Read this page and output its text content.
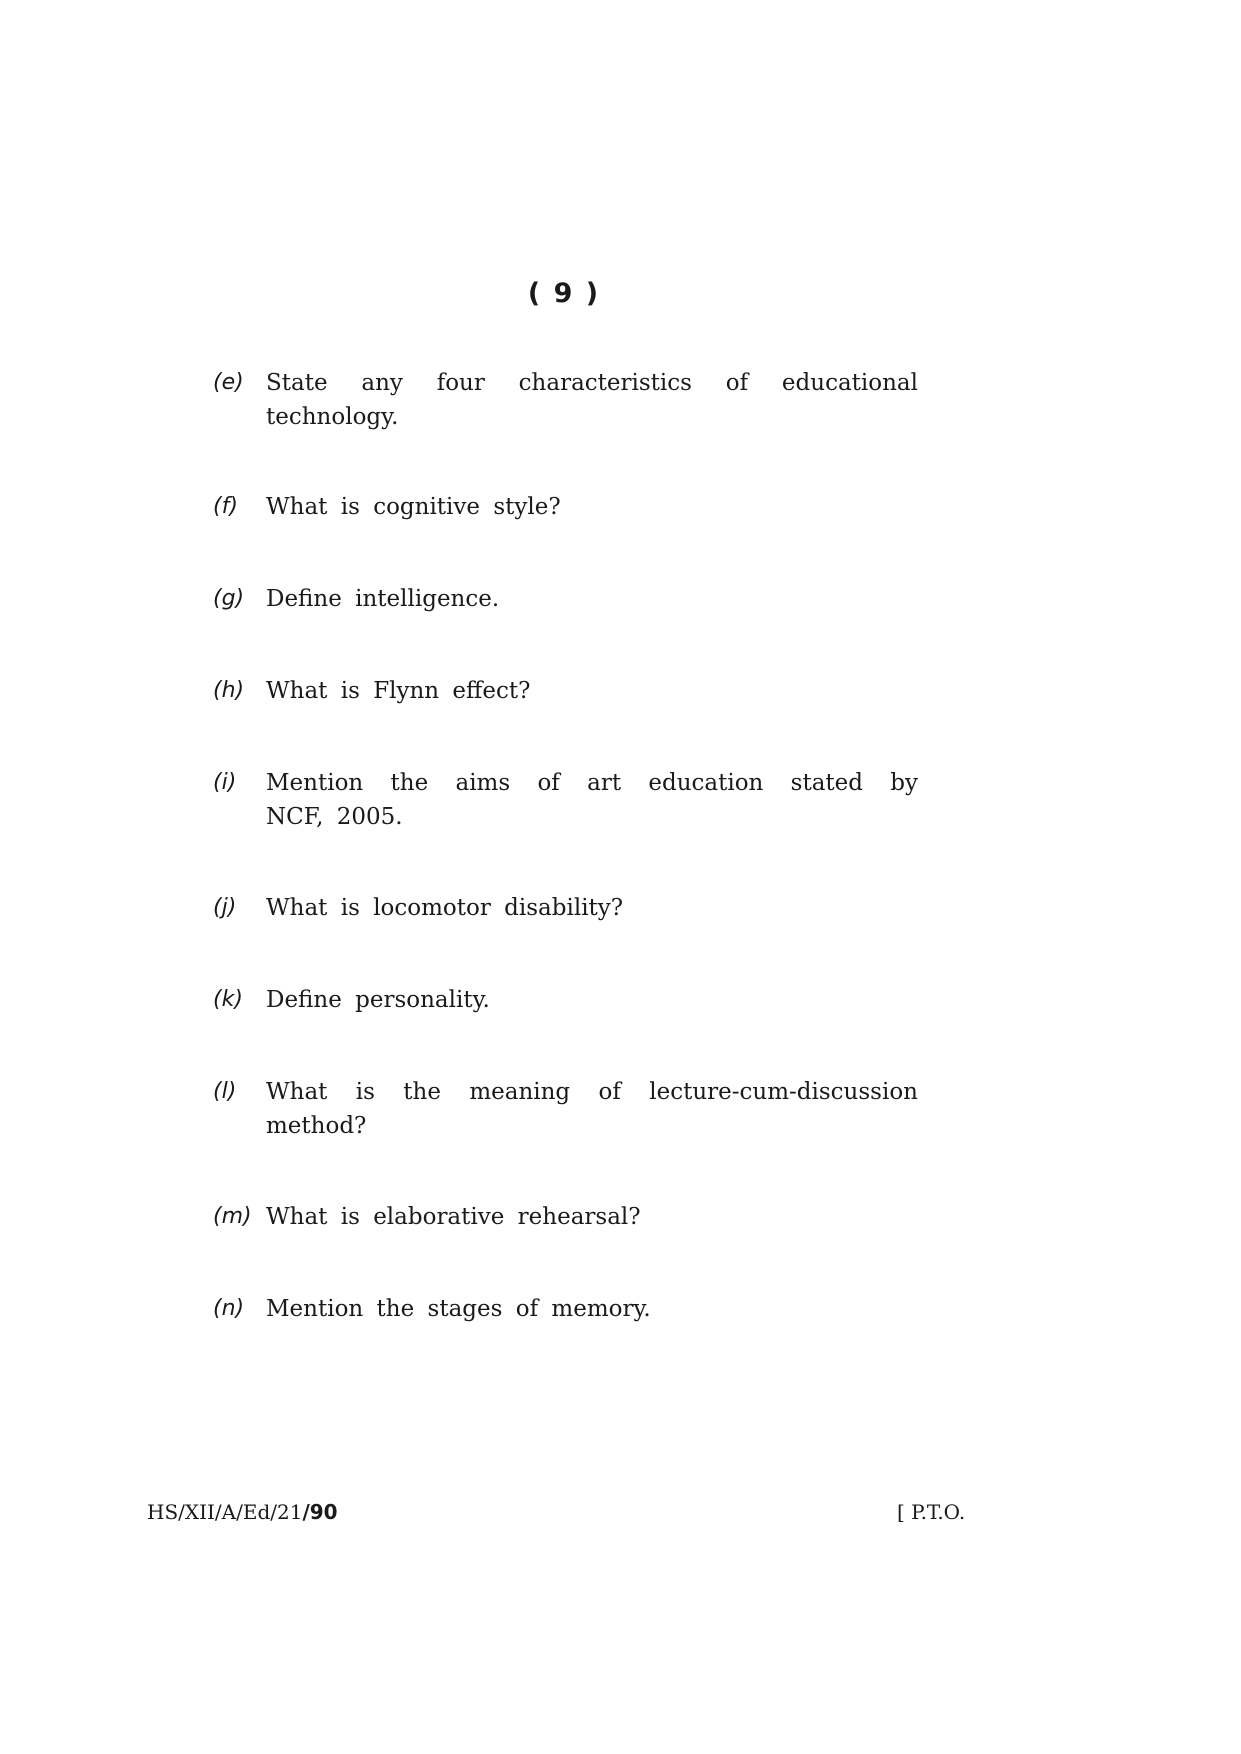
( 9 )
(e) State any four characteristics of educational
technology.
(f) What is cognitive style?
(g) Define intelligence.
(h) What is Flynn effect?
(i) Mention the aims of art education stated by
NCF, 2005.
(j) What is locomotor disability?
(k) Define personality.
(l) What is the meaning of lecture-cum-discussion
method?
(m) What is elaborative rehearsal?
(n) Mention the stages of memory.
HS/XII/A/Ed/21/90	[ P.T.O.
